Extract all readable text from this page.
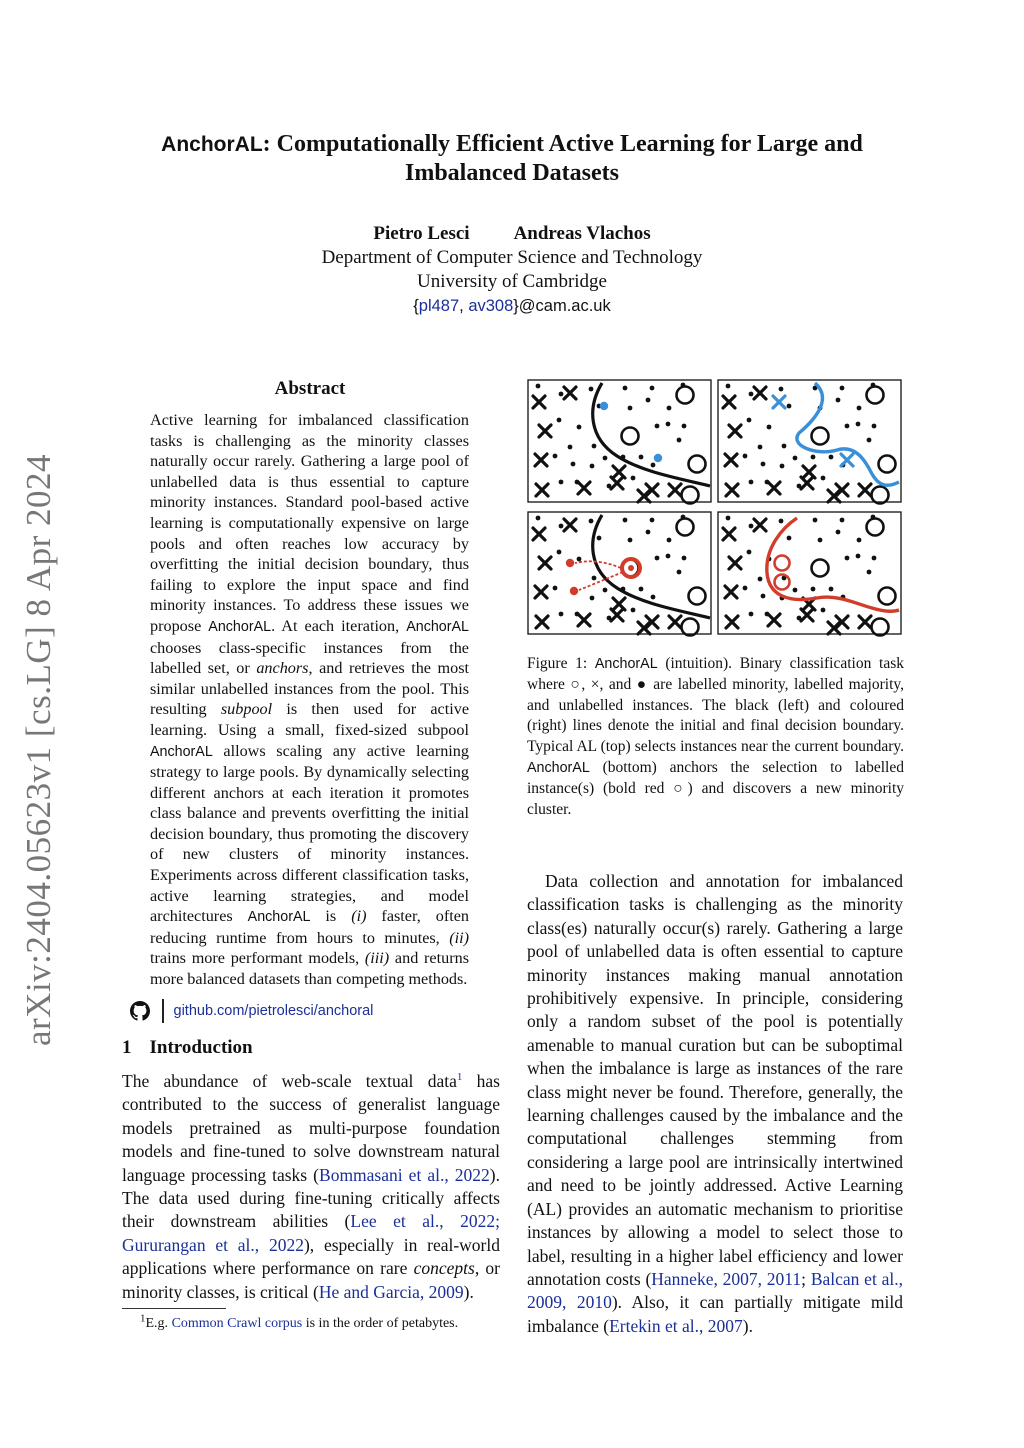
arXiv:2404.05623v1 [cs.LG] 8 Apr 2024
AnchorAL: Computationally Efficient Active Learning for Large and
Imbalanced Datasets
Pietro Lesci Andreas Vlachos
Department of Computer Science and Technology
University of Cambridge
{pl487, av308}@cam.ac.uk
Abstract

Active learning for imbalanced classification tasks is challenging as the minority classes naturally occur rarely. Gathering a large pool of unlabelled data is thus essential to capture minority instances. Standard pool-based active learning is computationally expensive on large pools and often reaches low accuracy by overfitting the initial decision boundary, thus failing to explore the input space and find minority instances. To address these issues we propose AnchorAL. At each iteration, AnchorAL chooses class-specific instances from the labelled set, or anchors, and retrieves the most similar unlabelled instances from the pool. This resulting subpool is then used for active learning. Using a small, fixed-sized subpool AnchorAL allows scaling any active learning strategy to large pools. By dynamically selecting different anchors at each iteration it promotes class balance and prevents overfitting the initial decision boundary, thus promoting the discovery of new clusters of minority instances. Experiments across different classification tasks, active learning strategies, and model architectures AnchorAL is (i) faster, often reducing runtime from hours to minutes, (ii) trains more performant models, (iii) and returns more balanced datasets than competing methods.

github.com/pietrolesci/anchoral
1 Introduction

The abundance of web-scale textual data$^1$ has contributed to the success of generalist language models pretrained as multi-purpose foundation models and fine-tuned to solve downstream natural language processing tasks (Bommasani et al., 2022). The data used during fine-tuning critically affects their downstream abilities (Lee et al., 2022; Gururangan et al., 2022), especially in real-world applications where performance on rare concepts, or minority classes, is critical (He and Garcia, 2009).

$^1$E.g. Common Crawl corpus is in the order of petabytes.

Figure 1: AnchorAL (intuition). Binary classification task where ○, ×, and ● are labelled minority, labelled majority, and unlabelled instances. The black (left) and coloured (right) lines denote the initial and final decision boundary. Typical AL (top) selects instances near the current boundary. AnchorAL (bottom) anchors the selection to labelled instance(s) (bold red ○) and discovers a new minority cluster.

Data collection and annotation for imbalanced classification tasks is challenging as the minority class(es) naturally occur(s) rarely. Gathering a large pool of unlabelled data is often essential to capture minority instances making manual annotation prohibitively expensive. In principle, considering only a random subset of the pool is potentially amenable to manual curation but can be suboptimal when the imbalance is large as instances of the rare class might never be found. Therefore, generally, the learning challenges caused by the imbalance and the computational challenges stemming from considering a large pool are intrinsically intertwined and need to be jointly addressed. Active Learning (AL) provides an automatic mechanism to prioritise instances by allowing a model to select those to label, resulting in a higher label efficiency and lower annotation costs (Hanneke, 2007, 2011; Balcan et al., 2009, 2010). Also, it can partially mitigate mild imbalance (Ertekin et al., 2007).
